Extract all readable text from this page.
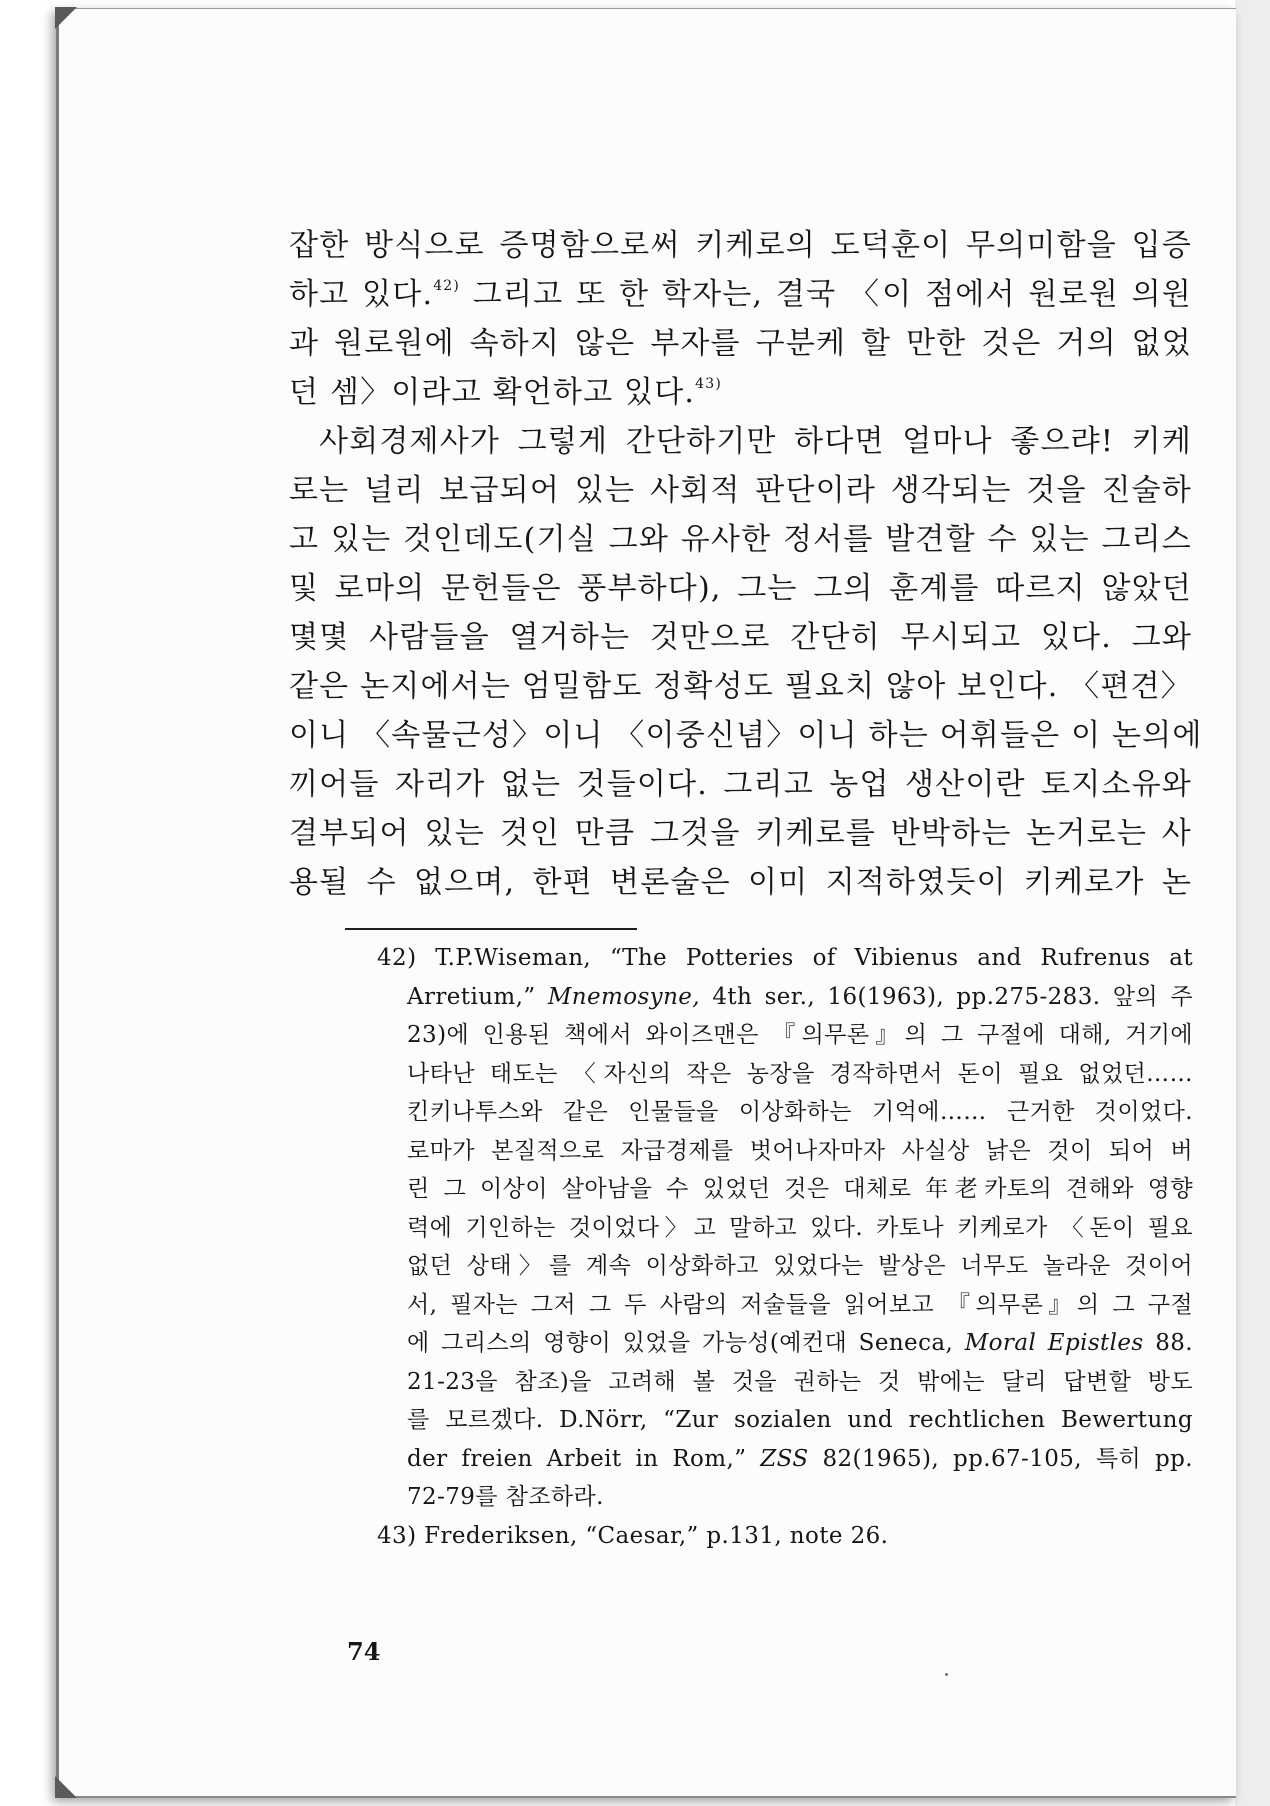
잡한 방식으로 증명함으로써 키케로의 도덕훈이 무의미함을 입증
하고 있다.$^{42)}$ 그리고 또 한 학자는, 결국 〈이 점에서 원로원 의원
과 원로원에 속하지 않은 부자를 구분케 할 만한 것은 거의 없었
던 셈〉이라고 확언하고 있다.$^{43)}$
사회경제사가 그렇게 간단하기만 하다면 얼마나 좋으랴! 키케
로는 널리 보급되어 있는 사회적 판단이라 생각되는 것을 진술하
고 있는 것인데도(기실 그와 유사한 정서를 발견할 수 있는 그리스
및 로마의 문헌들은 풍부하다), 그는 그의 훈계를 따르지 않았던
몇몇 사람들을 열거하는 것만으로 간단히 무시되고 있다. 그와
같은 논지에서는 엄밀함도 정확성도 필요치 않아 보인다. 〈편견〉
이니 〈속물근성〉이니 〈이중신념〉이니 하는 어휘들은 이 논의에
끼어들 자리가 없는 것들이다. 그리고 농업 생산이란 토지소유와
결부되어 있는 것인 만큼 그것을 키케로를 반박하는 논거로는 사
용될 수 없으며, 한편 변론술은 이미 지적하였듯이 키케로가 논
42) T.P.Wiseman, “The Potteries of Vibienus and Rufrenus at
Arretium,” Mnemosyne, 4th ser., 16(1963), pp.275-283. 앞의 주
23)에 인용된 책에서 와이즈맨은 『의무론』의 그 구절에 대해, 거기에
나타난 태도는 〈자신의 작은 농장을 경작하면서 돈이 필요 없었던……
킨키나투스와 같은 인물들을 이상화하는 기억에…… 근거한 것이었다.
로마가 본질적으로 자급경제를 벗어나자마자 사실상 낡은 것이 되어 버
린 그 이상이 살아남을 수 있었던 것은 대체로 年老카토의 견해와 영향
력에 기인하는 것이었다〉고 말하고 있다. 카토나 키케로가 〈돈이 필요
없던 상태〉를 계속 이상화하고 있었다는 발상은 너무도 놀라운 것이어
서, 필자는 그저 그 두 사람의 저술들을 읽어보고 『의무론』의 그 구절
에 그리스의 영향이 있었을 가능성(예컨대 Seneca, Moral Epistles 88.
21-23을 참조)을 고려해 볼 것을 권하는 것 밖에는 달리 답변할 방도
를 모르겠다. D.Nörr, “Zur sozialen und rechtlichen Bewertung
der freien Arbeit in Rom,” ZSS 82(1965), pp.67-105, 특히 pp.
72-79를 참조하라.
43) Frederiksen, “Caesar,” p.131, note 26.
74
